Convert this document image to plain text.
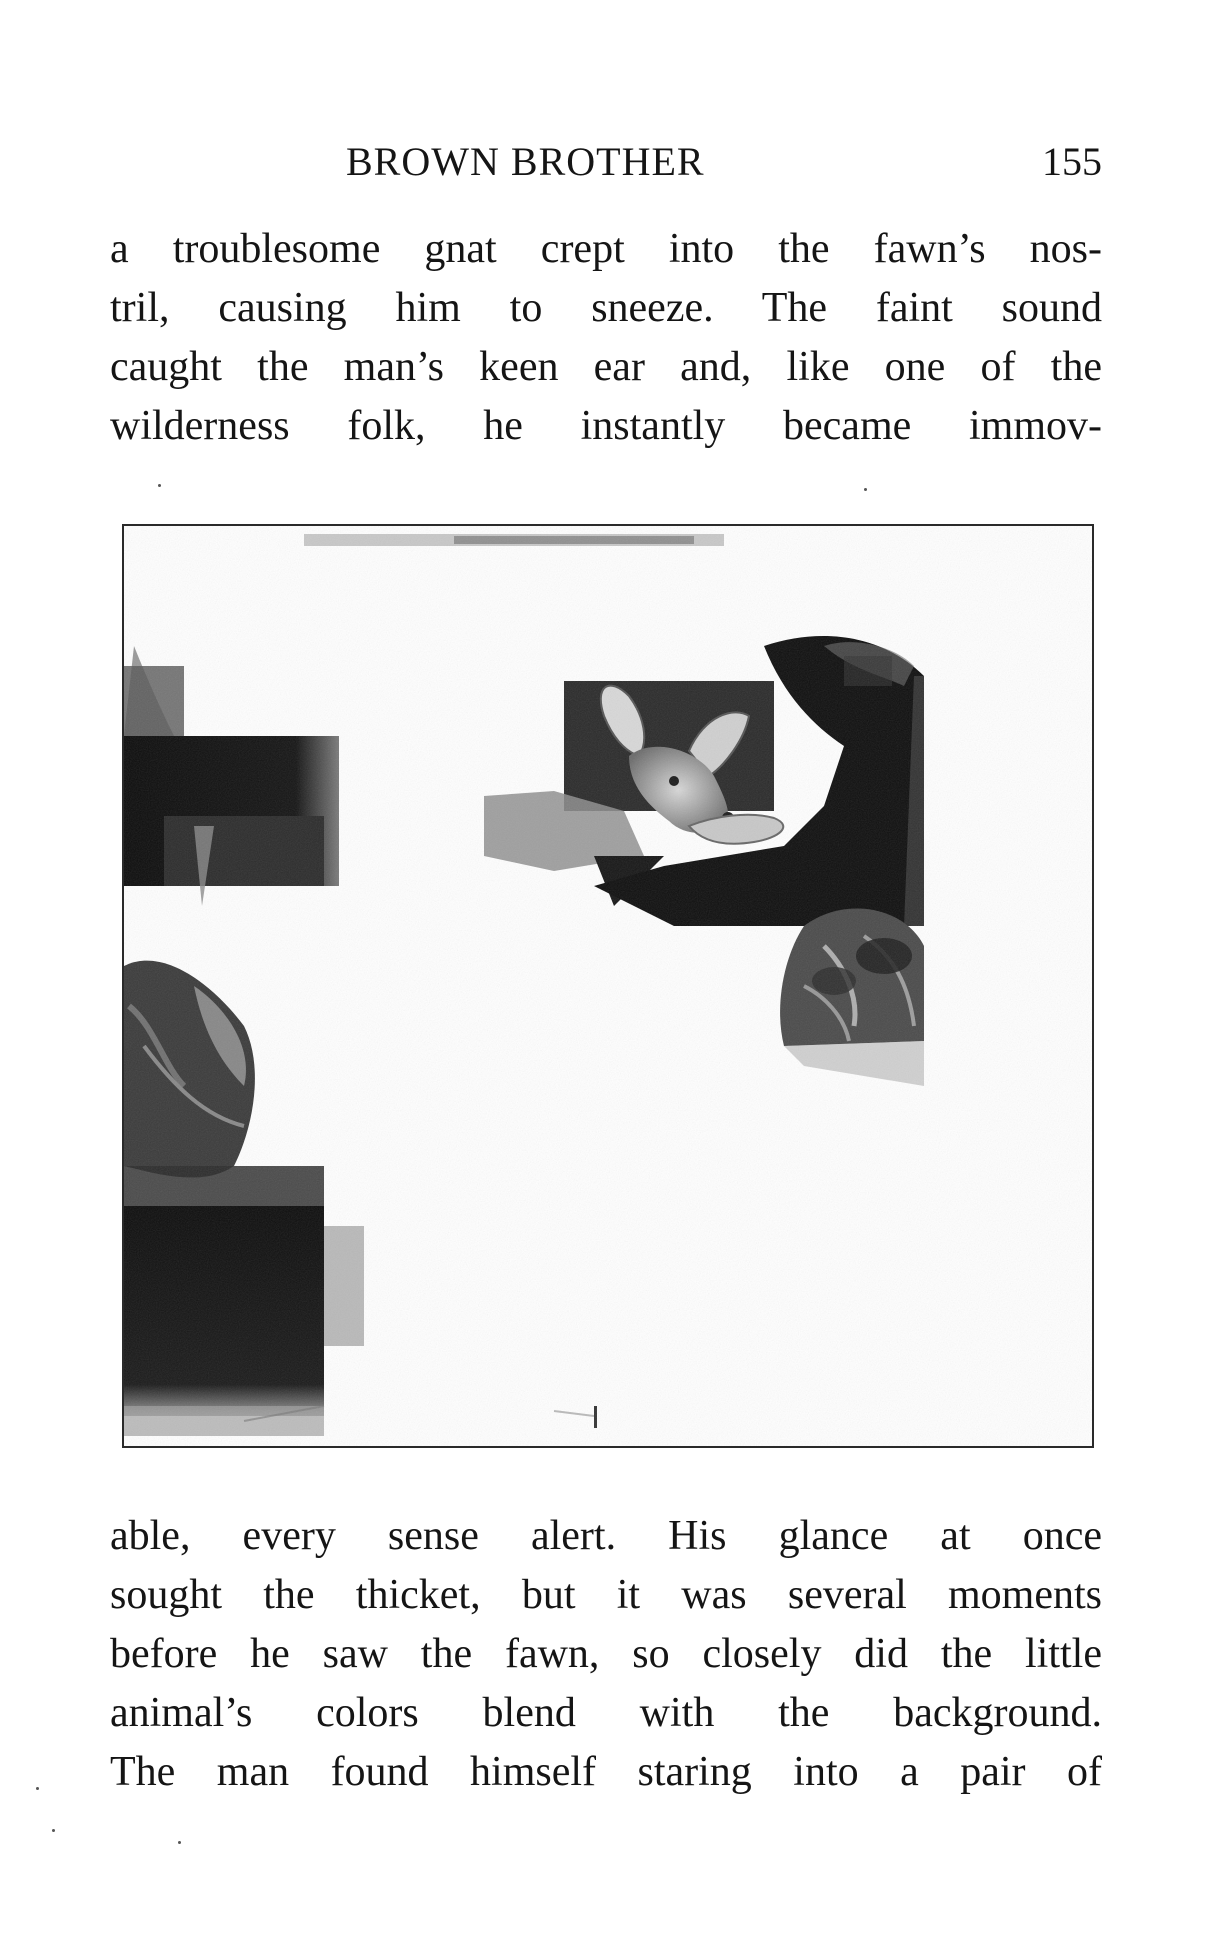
BROWN BROTHER	155
a troublesome gnat crept into the fawn’s nos-
tril, causing him to sneeze. The faint sound
caught the man’s keen ear and, like one of the
wilderness folk, he instantly became immov-
able, every sense alert. His glance at once
sought the thicket, but it was several moments
before he saw the fawn, so closely did the little
animal’s colors blend with the background.
The man found himself staring into a pair of
